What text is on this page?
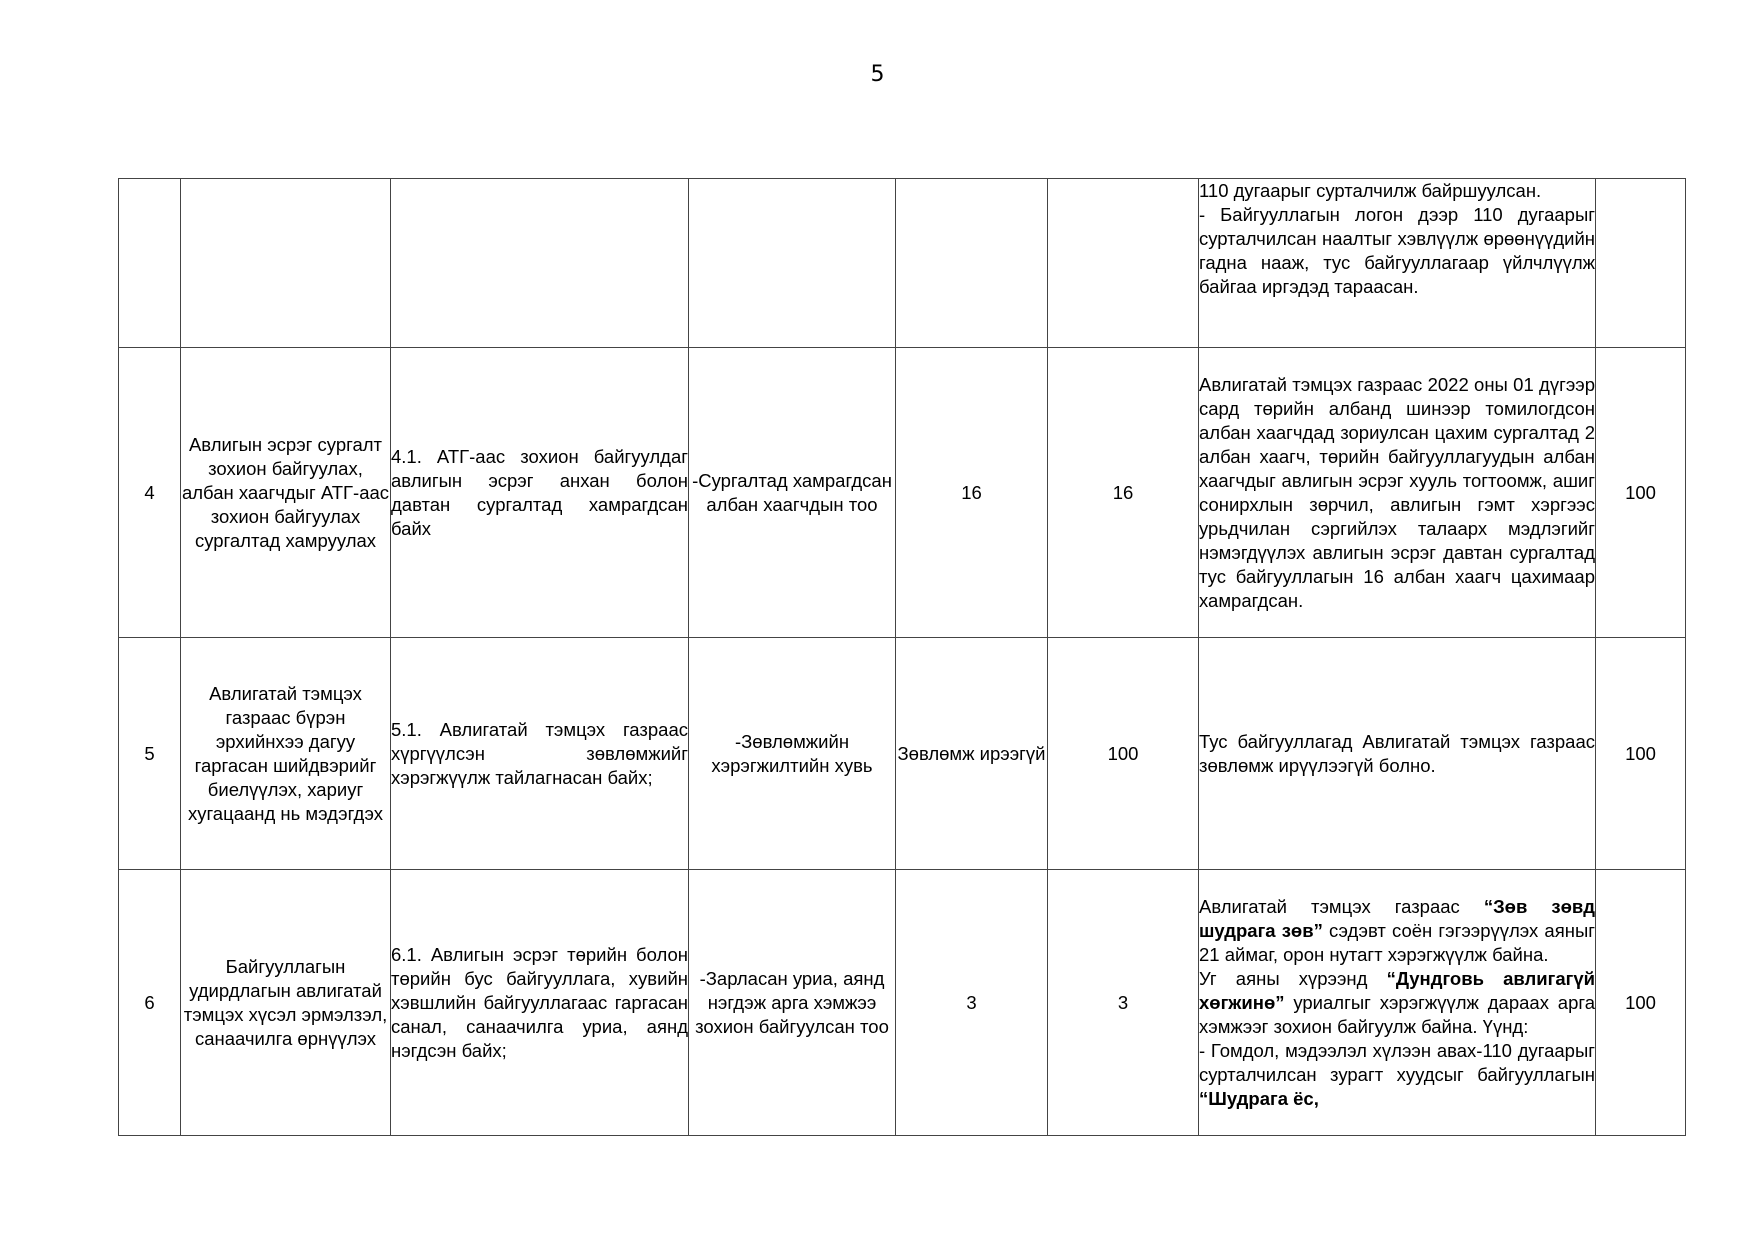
5

						110 дугаарыг сурталчилж байршуулсан.
- Байгууллагын логон дээр 110 дугаарыг сурталчилсан наалтыг хэвлүүлж өрөөнүүдийн гадна нааж, тус байгууллагаар үйлчлүүлж байгаа иргэдэд тараасан.	

4	Авлигын эсрэг сургалт зохион байгуулах, албан хаагчдыг АТГ-аас зохион байгуулах сургалтад хамруулах	4.1. АТГ-аас зохион байгуулдаг авлигын эсрэг анхан болон давтан сургалтад хамрагдсан байх	-Сургалтад хамрагдсан албан хаагчдын тоо	16	16	Авлигатай тэмцэх газраас 2022 оны 01 дүгээр сард төрийн албанд шинээр томилогдсон албан хаагчдад зориулсан цахим сургалтад 2 албан хаагч, төрийн байгууллагуудын албан хаагчдыг авлигын эсрэг хууль тогтоомж, ашиг сонирхлын зөрчил, авлигын гэмт хэргээс урьдчилан сэргийлэх талаарх мэдлэгийг нэмэгдүүлэх авлигын эсрэг давтан сургалтад тус байгууллагын 16 албан хаагч цахимаар хамрагдсан.	100
5	Авлигатай тэмцэх газраас бүрэн эрхийнхээ дагуу гаргасан шийдвэрийг биелүүлэх, хариуг хугацаанд нь мэдэгдэх	5.1. Авлигатай тэмцэх газраас хүргүүлсэн зөвлөмжийг хэрэгжүүлж тайлагнасан байх;	-Зөвлөмжийн хэрэгжилтийн хувь	Зөвлөмж ирээгүй	100	Тус байгууллагад Авлигатай тэмцэх газраас зөвлөмж ирүүлээгүй болно.	100
6	Байгууллагын удирдлагын авлигатай тэмцэх хүсэл эрмэлзэл, санаачилга өрнүүлэх	6.1. Авлигын эсрэг төрийн болон төрийн бус байгууллага, хувийн хэвшлийн байгууллагаас гаргасан санал, санаачилга уриа, аянд нэгдсэн байх;	-Зарласан уриа, аянд нэгдэж арга хэмжээ зохион байгуулсан тоо	3	3	Авлигатай тэмцэх газраас “Зөв зөвд шудрага зөв” сэдэвт соён гэгээрүүлэх аяныг 21 аймаг, орон нутагт хэрэгжүүлж байна.
Уг аяны хүрээнд “Дундговь авлигагүй хөгжинө” уриалгыг хэрэгжүүлж дараах арга хэмжээг зохион байгуулж байна. Үүнд:
- Гомдол, мэдээлэл хүлээн авах-110 дугаарыг сурталчилсан зурагт хуудсыг байгууллагын “Шудрага ёс,	100
